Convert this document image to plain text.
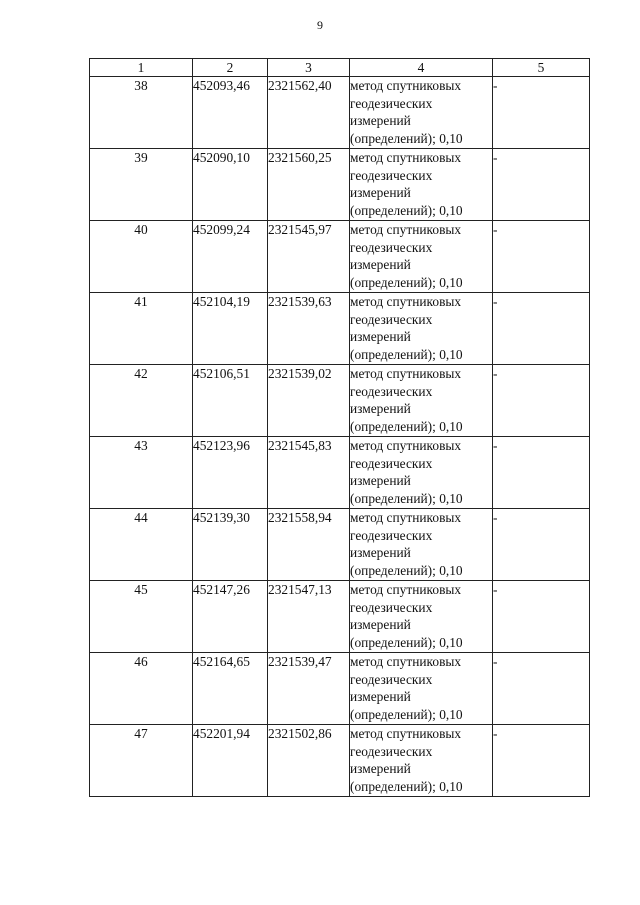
9
1	2	3	4	5
38	452093,46	2321562,40	метод спутниковых
геодезических
измерений
(определений); 0,10	-
39	452090,10	2321560,25	метод спутниковых
геодезических
измерений
(определений); 0,10	-
40	452099,24	2321545,97	метод спутниковых
геодезических
измерений
(определений); 0,10	-
41	452104,19	2321539,63	метод спутниковых
геодезических
измерений
(определений); 0,10	-
42	452106,51	2321539,02	метод спутниковых
геодезических
измерений
(определений); 0,10	-
43	452123,96	2321545,83	метод спутниковых
геодезических
измерений
(определений); 0,10	-
44	452139,30	2321558,94	метод спутниковых
геодезических
измерений
(определений); 0,10	-
45	452147,26	2321547,13	метод спутниковых
геодезических
измерений
(определений); 0,10	-
46	452164,65	2321539,47	метод спутниковых
геодезических
измерений
(определений); 0,10	-
47	452201,94	2321502,86	метод спутниковых
геодезических
измерений
(определений); 0,10	-
